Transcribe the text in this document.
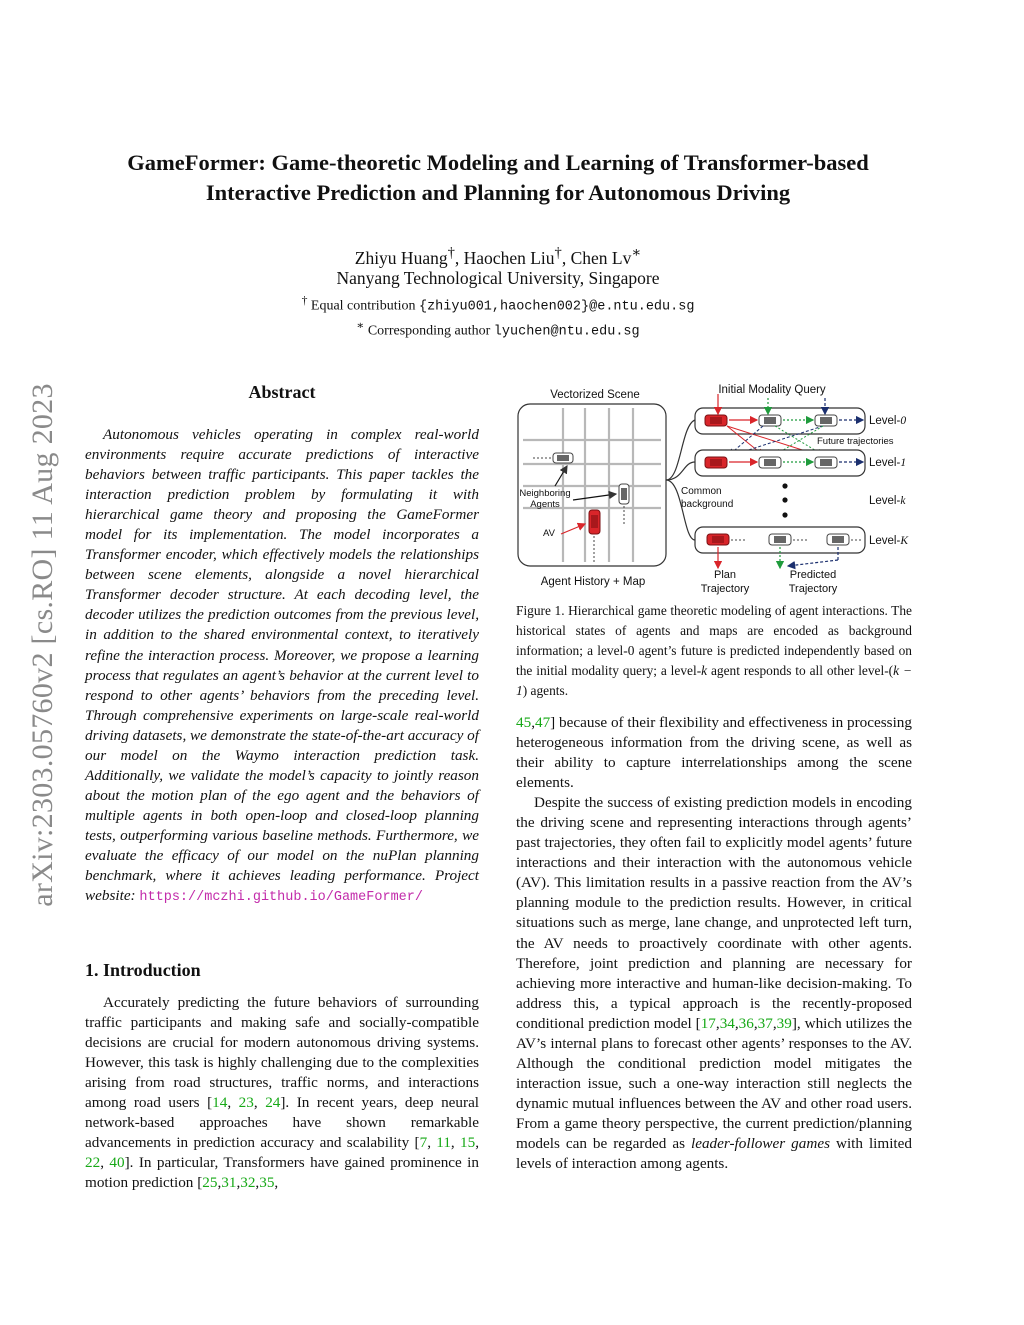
arXiv:2303.05760v2 [cs.RO] 11 Aug 2023
GameFormer: Game-theoretic Modeling and Learning of Transformer-based
Interactive Prediction and Planning for Autonomous Driving
Zhiyu Huang†, Haochen Liu†, Chen Lv∗
Nanyang Technological University, Singapore
† Equal contribution {zhiyu001,haochen002}@e.ntu.edu.sg
∗ Corresponding author lyuchen@ntu.edu.sg
Abstract

Autonomous vehicles operating in complex real-world environments require accurate predictions of interactive behaviors between traffic participants. This paper tackles the interaction prediction problem by formulating it with hierarchical game theory and proposing the GameFormer model for its implementation. The model incorporates a Transformer encoder, which effectively models the relationships between scene elements, alongside a novel hierarchical Transformer decoder structure. At each decoding level, the decoder utilizes the prediction outcomes from the previous level, in addition to the shared environmental context, to iteratively refine the interaction process. Moreover, we propose a learning process that regulates an agent’s behavior at the current level to respond to other agents’ behaviors from the preceding level. Through comprehensive experiments on large-scale real-world driving datasets, we demonstrate the state-of-the-art accuracy of our model on the Waymo interaction prediction task. Additionally, we validate the model’s capacity to jointly reason about the motion plan of the ego agent and the behaviors of multiple agents in both open-loop and closed-loop planning tests, outperforming various baseline methods. Furthermore, we evaluate the efficacy of our model on the nuPlan planning benchmark, where it achieves leading performance. Project website: https://mczhi.github.io/GameFormer/

1. Introduction

Accurately predicting the future behaviors of surrounding traffic participants and making safe and socially-compatible decisions are crucial for modern autonomous driving systems. However, this task is highly challenging due to the complexities arising from road structures, traffic norms, and interactions among road users [14, 23, 24]. In recent years, deep neural network-based approaches have shown remarkable advancements in prediction accuracy and scalability [7, 11, 15, 22, 40]. In particular, Transformers have gained prominence in motion prediction [25,31,32,35,

Vectorized Scene
Neighboring
Agents
AV
Agent History + Map
Initial Modality Query
Level-0
Future trajectories
Level-1
Common
background	Level-k
Level-K
Plan
Trajectory
Predicted
Trajectory
Figure 1. Hierarchical game theoretic modeling of agent interactions. The historical states of agents and maps are encoded as background information; a level-0 agent’s future is predicted independently based on the initial modality query; a level-k agent responds to all other level-(k − 1) agents.

45,47] because of their flexibility and effectiveness in processing heterogeneous information from the driving scene, as well as their ability to capture interrelationships among the scene elements.

Despite the success of existing prediction models in encoding the driving scene and representing interactions through agents’ past trajectories, they often fail to explicitly model agents’ future interactions and their interaction with the autonomous vehicle (AV). This limitation results in a passive reaction from the AV’s planning module to the prediction results. However, in critical situations such as merge, lane change, and unprotected left turn, the AV needs to proactively coordinate with other agents. Therefore, joint prediction and planning are necessary for achieving more interactive and human-like decision-making. To address this, a typical approach is the recently-proposed conditional prediction model [17,34,36,37,39], which utilizes the AV’s internal plans to forecast other agents’ responses to the AV. Although the conditional prediction model mitigates the interaction issue, such a one-way interaction still neglects the dynamic mutual influences between the AV and other road users. From a game theory perspective, the current prediction/planning models can be regarded as leader-follower games with limited levels of interaction among agents.
